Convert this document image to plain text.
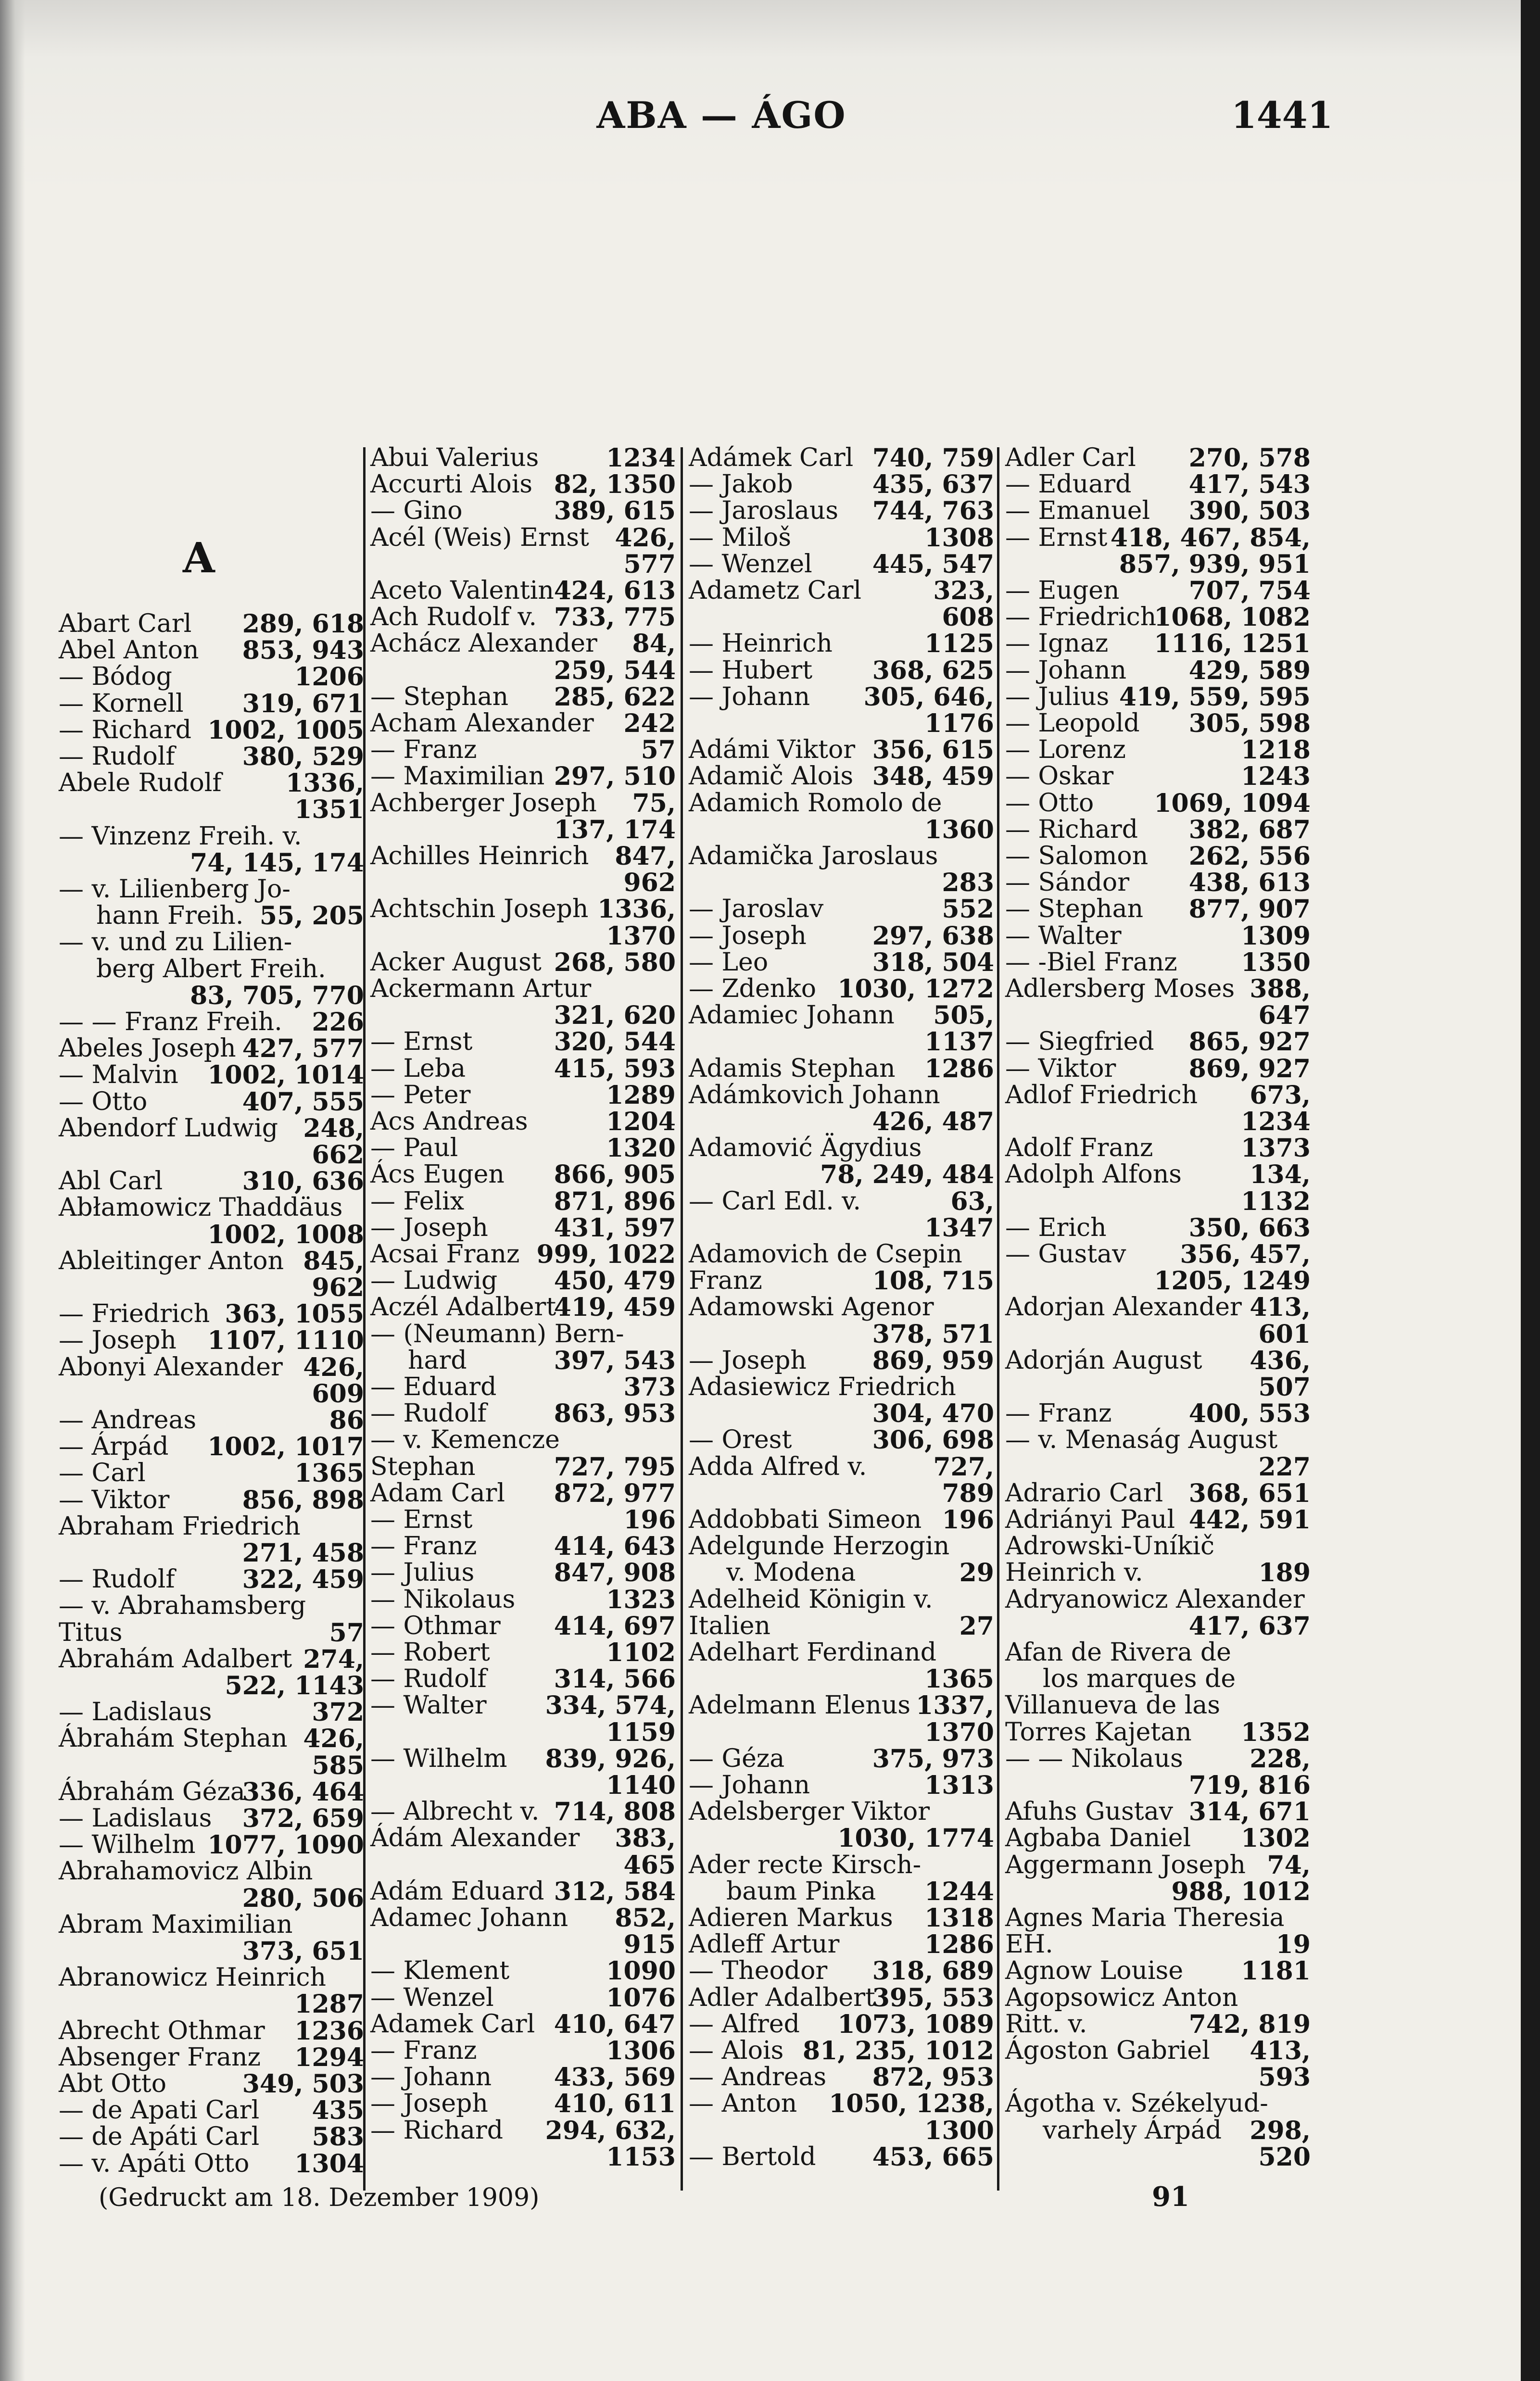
ABA — ÁGO	1441
A
Abart Carl 289, 618
Abel Anton 853, 943
— Bódog	1206
— Kornell 319, 671
— Richard 1002, 1005
— Rudolf	380, 529
Abele Rudolf	1336,
1351
— Vinzenz Freih. v.
74, 145, 174
— v. Lilienberg Jo-
hann Freih. 55, 205
— v. und zu Lilien-
berg Albert Freih.
83, 705, 770
— — Franz Freih. 226
Abeles Joseph 427, 577
— Malvin 1002, 1014
— Otto	407, 555
Abendorf Ludwig 248,
662
Abl Carl	310, 636
Abłamowicz Thaddäus
1002, 1008
Ableitinger Anton 845,
962
— Friedrich 363, 1055
— Joseph 1107, 1110
Abonyi Alexander 426,
609
— Andreas	86
— Árpád 1002, 1017
— Carl	1365
— Viktor	856, 898
Abraham Friedrich
271, 458
— Rudolf	322, 459
— v. Abrahamsberg
Titus	57
Abrahám Adalbert 274,
522, 1143
— Ladislaus	372
Ábrahám Stephan 426,
585
Ábrahám Géza
336, 464
— Ladislaus 372, 659
— Wilhelm 1077, 1090
Abrahamovicz Albin
280, 506
Abram Maximilian
373, 651
Abranowicz Heinrich
1287
Abrecht Othmar 1236
Absenger Franz 1294
Abt Otto	349, 503
— de Apati Carl 435
— de Apáti Carl 583
— v. Apáti Otto 1304
Abui Valerius	1234
Accurti Alois 82, 1350
— Gino	389, 615
Acél (Weis) Ernst 426,
577
Aceto Valentin 424, 613
Ach Rudolf v. 733, 775
Achácz Alexander 84,
259, 544
— Stephan 285, 622
Acham Alexander 242
— Franz	57
— Maximilian 297, 510
Achberger Joseph 75,
137, 174
Achilles Heinrich 847,
962
Achtschin Joseph 1336,
1370
Acker August 268, 580
Ackermann Artur
321, 620
— Ernst	320, 544
— Leba	415, 593
— Peter	1289
Acs Andreas	1204
— Paul	1320
Ács Eugen 866, 905
— Felix	871, 896
— Joseph	431, 597
Acsai Franz 999, 1022
— Ludwig 450, 479
Aczél Adalbert
419, 459
— (Neumann) Bern-
hard	397, 543
— Eduard	373
— Rudolf	863, 953
— v. Kemencze
Stephan	727, 795
Adam Carl 872, 977
— Ernst	196
— Franz	414, 643
— Julius	847, 908
— Nikolaus	1323
— Othmar 414, 697
— Robert	1102
— Rudolf	314, 566
— Walter 334, 574,
1159
— Wilhelm 839, 926,
1140
— Albrecht v. 714, 808
Ádám Alexander 383,
465
Adám Eduard 312, 584
Adamec Johann 852,
915
— Klement	1090
— Wenzel	1076
Adamek Carl 410, 647
— Franz	1306
— Johann 433, 569
— Joseph	410, 611
— Richard 294, 632,
1153
Adámek Carl 740, 759
— Jakob	435, 637
— Jaroslaus 744, 763
— Miloš	1308
— Wenzel 445, 547
Adametz Carl	323,
608
— Heinrich	1125
— Hubert 368, 625
— Johann 305, 646,
1176
Adámi Viktor 356, 615
Adamič Alois 348, 459
Adamich Romolo de
1360
Adamička Jaroslaus
283
— Jaroslav	552
— Joseph	297, 638
— Leo	318, 504
— Zdenko 1030, 1272
Adamiec Johann 505,
1137
Adamis Stephan 1286
Adámkovich Johann
426, 487
Adamović Ägydius
78, 249, 484
— Carl Edl. v.	63,
1347
Adamovich de Csepin
Franz	108, 715
Adamowski Agenor
378, 571
— Joseph	869, 959
Adasiewicz Friedrich
304, 470
— Orest	306, 698
Adda Alfred v.	727,
789
Addobbati Simeon 196
Adelgunde Herzogin
v. Modena	29
Adelheid Königin v.
Italien	27
Adelhart Ferdinand
1365
Adelmann Elenus 1337,
1370
— Géza	375, 973
— Johann	1313
Adelsberger Viktor
1030, 1774
Ader recte Kirsch-
baum Pinka 1244
Adieren Markus 1318
Adleff Artur	1286
— Theodor 318, 689
Adler Adalbert
395, 553
— Alfred 1073, 1089
— Alois 81, 235, 1012
— Andreas 872, 953
— Anton 1050, 1238,
1300
— Bertold 453, 665
Adler Carl 270, 578
— Eduard 417, 543
— Emanuel 390, 503
— Ernst 418, 467, 854,
857, 939, 951
— Eugen	707, 754
— Friedrich
1068, 1082
— Ignaz 1116, 1251
— Johann 429, 589
— Julius 419, 559, 595
— Leopold 305, 598
— Lorenz	1218
— Oskar	1243
— Otto 1069, 1094
— Richard 382, 687
— Salomon 262, 556
— Sándor 438, 613
— Stephan 877, 907
— Walter	1309
— -Biel Franz	1350
Adlersberg Moses 388,
647
— Siegfried 865, 927
— Viktor	869, 927
Adlof Friedrich 673,
1234
Adolf Franz	1373
Adolph Alfons	134,
1132
— Erich	350, 663
— Gustav 356, 457,
1205, 1249
Adorjan Alexander 413,
601
Adorján August 436,
507
— Franz	400, 553
— v. Menaság August
227
Adrario Carl 368, 651
Adriányi Paul 442, 591
Adrowski-Uníkič
Heinrich v.	189
Adryanowicz Alexander
417, 637
Afan de Rivera de
los marques de
Villanueva de las
Torres Kajetan 1352
— — Nikolaus	228,
719, 816
Afuhs Gustav 314, 671
Agbaba Daniel 1302
Aggermann Joseph 74,
988, 1012
Agnes Maria Theresia
EH.	19
Agnow Louise 1181
Agopsowicz Anton
Ritt. v.	742, 819
Ágoston Gabriel 413,
593
Ágotha v. Székelyud-
varhely Árpád 298,
520
(Gedruckt am 18. Dezember 1909)	91
